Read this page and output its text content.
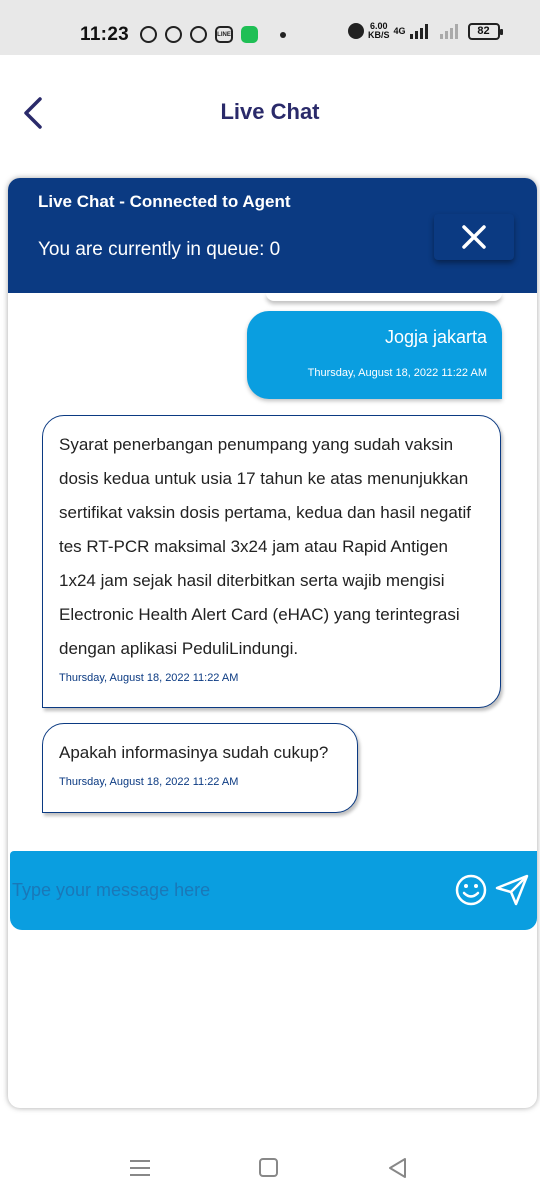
11:23	LINE
6.00
KB/S 4G	82
Live Chat
Live Chat - Connected to Agent
You are currently in queue: 0
Jogja jakarta
Thursday, August 18, 2022 11:22 AM
Syarat penerbangan penumpang yang sudah vaksin dosis kedua untuk usia 17 tahun ke atas menunjukkan sertifikat vaksin dosis pertama, kedua dan hasil negatif tes RT-PCR maksimal 3x24 jam atau Rapid Antigen 1x24 jam sejak hasil diterbitkan serta wajib mengisi Electronic Health Alert Card (eHAC) yang terintegrasi dengan aplikasi PeduliLindungi.
Thursday, August 18, 2022 11:22 AM
Apakah informasinya sudah cukup?
Thursday, August 18, 2022 11:22 AM
Type your message here
